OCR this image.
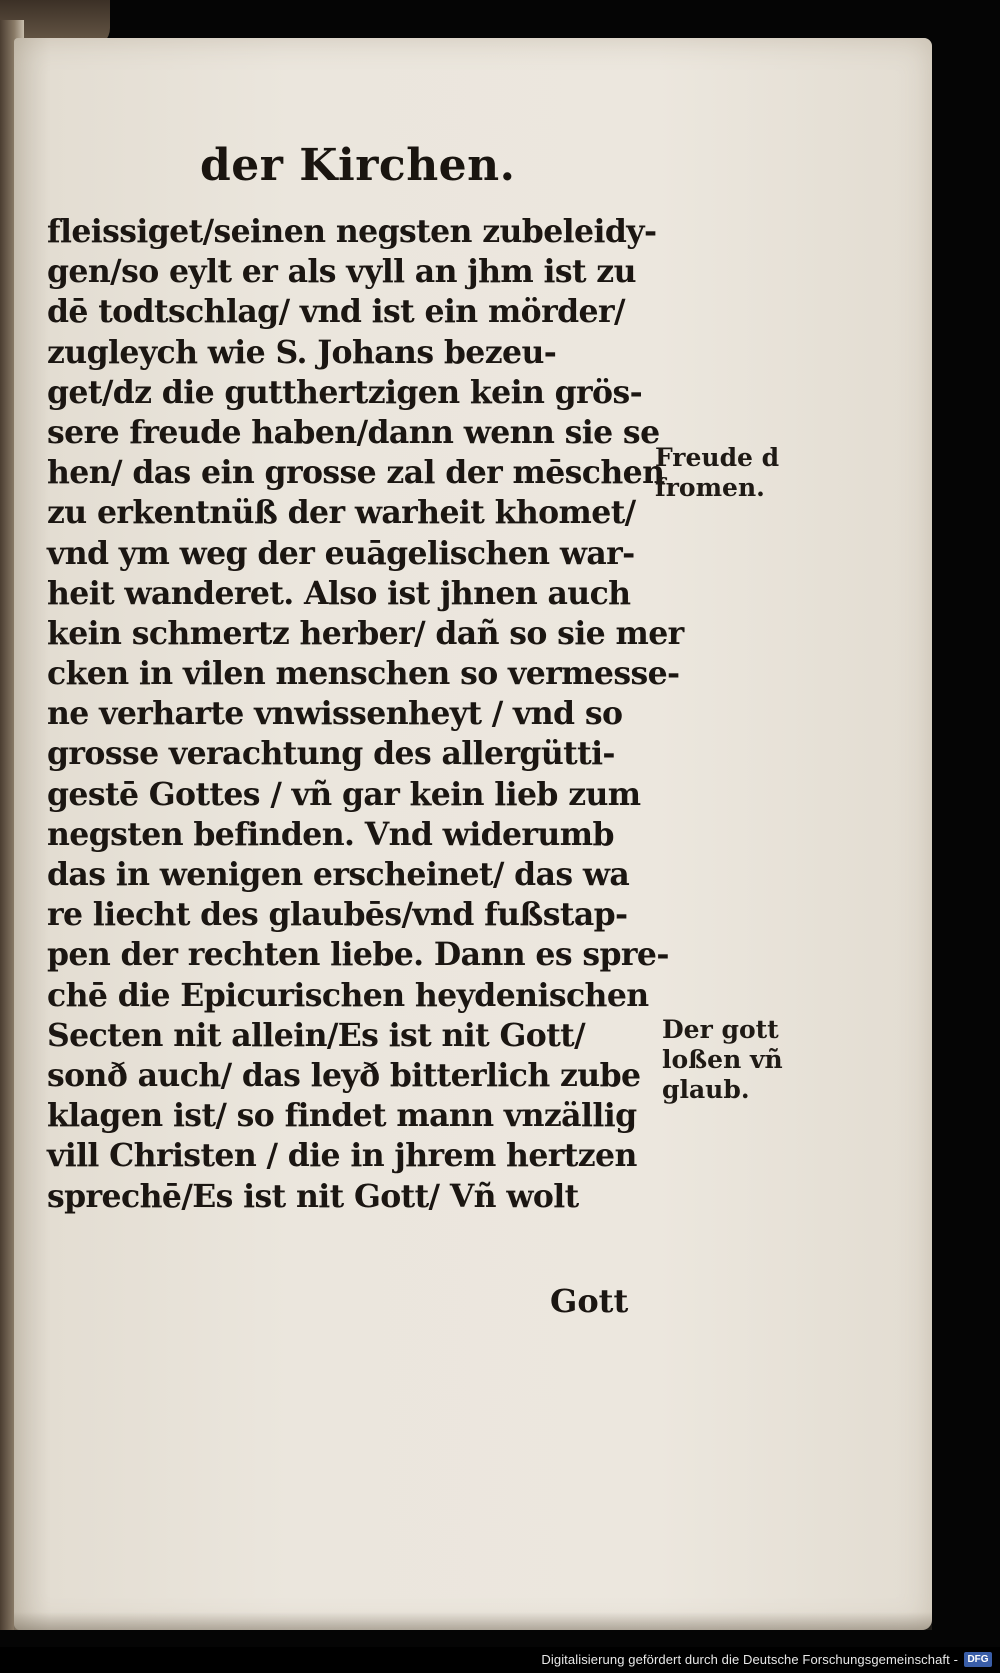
der Kirchen.
fleissiget/seinen negsten zubeleidy-
gen/so eylt er als vyll an jhm ist zu
dē todtschlag/ vnd ist ein mörder/
zugleych wie S. Johans bezeu-
get/dz die gutthertzigen kein grös-
sere freude haben/dann wenn sie se
hen/ das ein grosse zal der mēschen
zu erkentnüß der warheit khomet/
vnd ym weg der euāgelischen war-
heit wanderet. Also ist jhnen auch
kein schmertz herber/ dañ so sie mer
cken in vilen menschen so vermesse-
ne verharte vnwissenheyt / vnd so
grosse verachtung des allergütti-
gestē Gottes / vñ gar kein lieb zum
negsten befinden. Vnd widerumb
das in wenigen erscheinet/ das wa
re liecht des glaubēs/vnd fußstap-
pen der rechten liebe. Dann es spre-
chē die Epicurischen heydenischen
Secten nit allein/Es ist nit Gott/
sonð auch/ das leyð bitterlich zube
klagen ist/ so findet mann vnzällig
vill Christen / die in jhrem hertzen
sprechē/Es ist nit Gott/ Vñ wolt
Gott
Freude d
fromen.
Der gott
loßen vñ
glaub.
Digitalisierung gefördert durch die Deutsche Forschungsgemeinschaft - DFG
